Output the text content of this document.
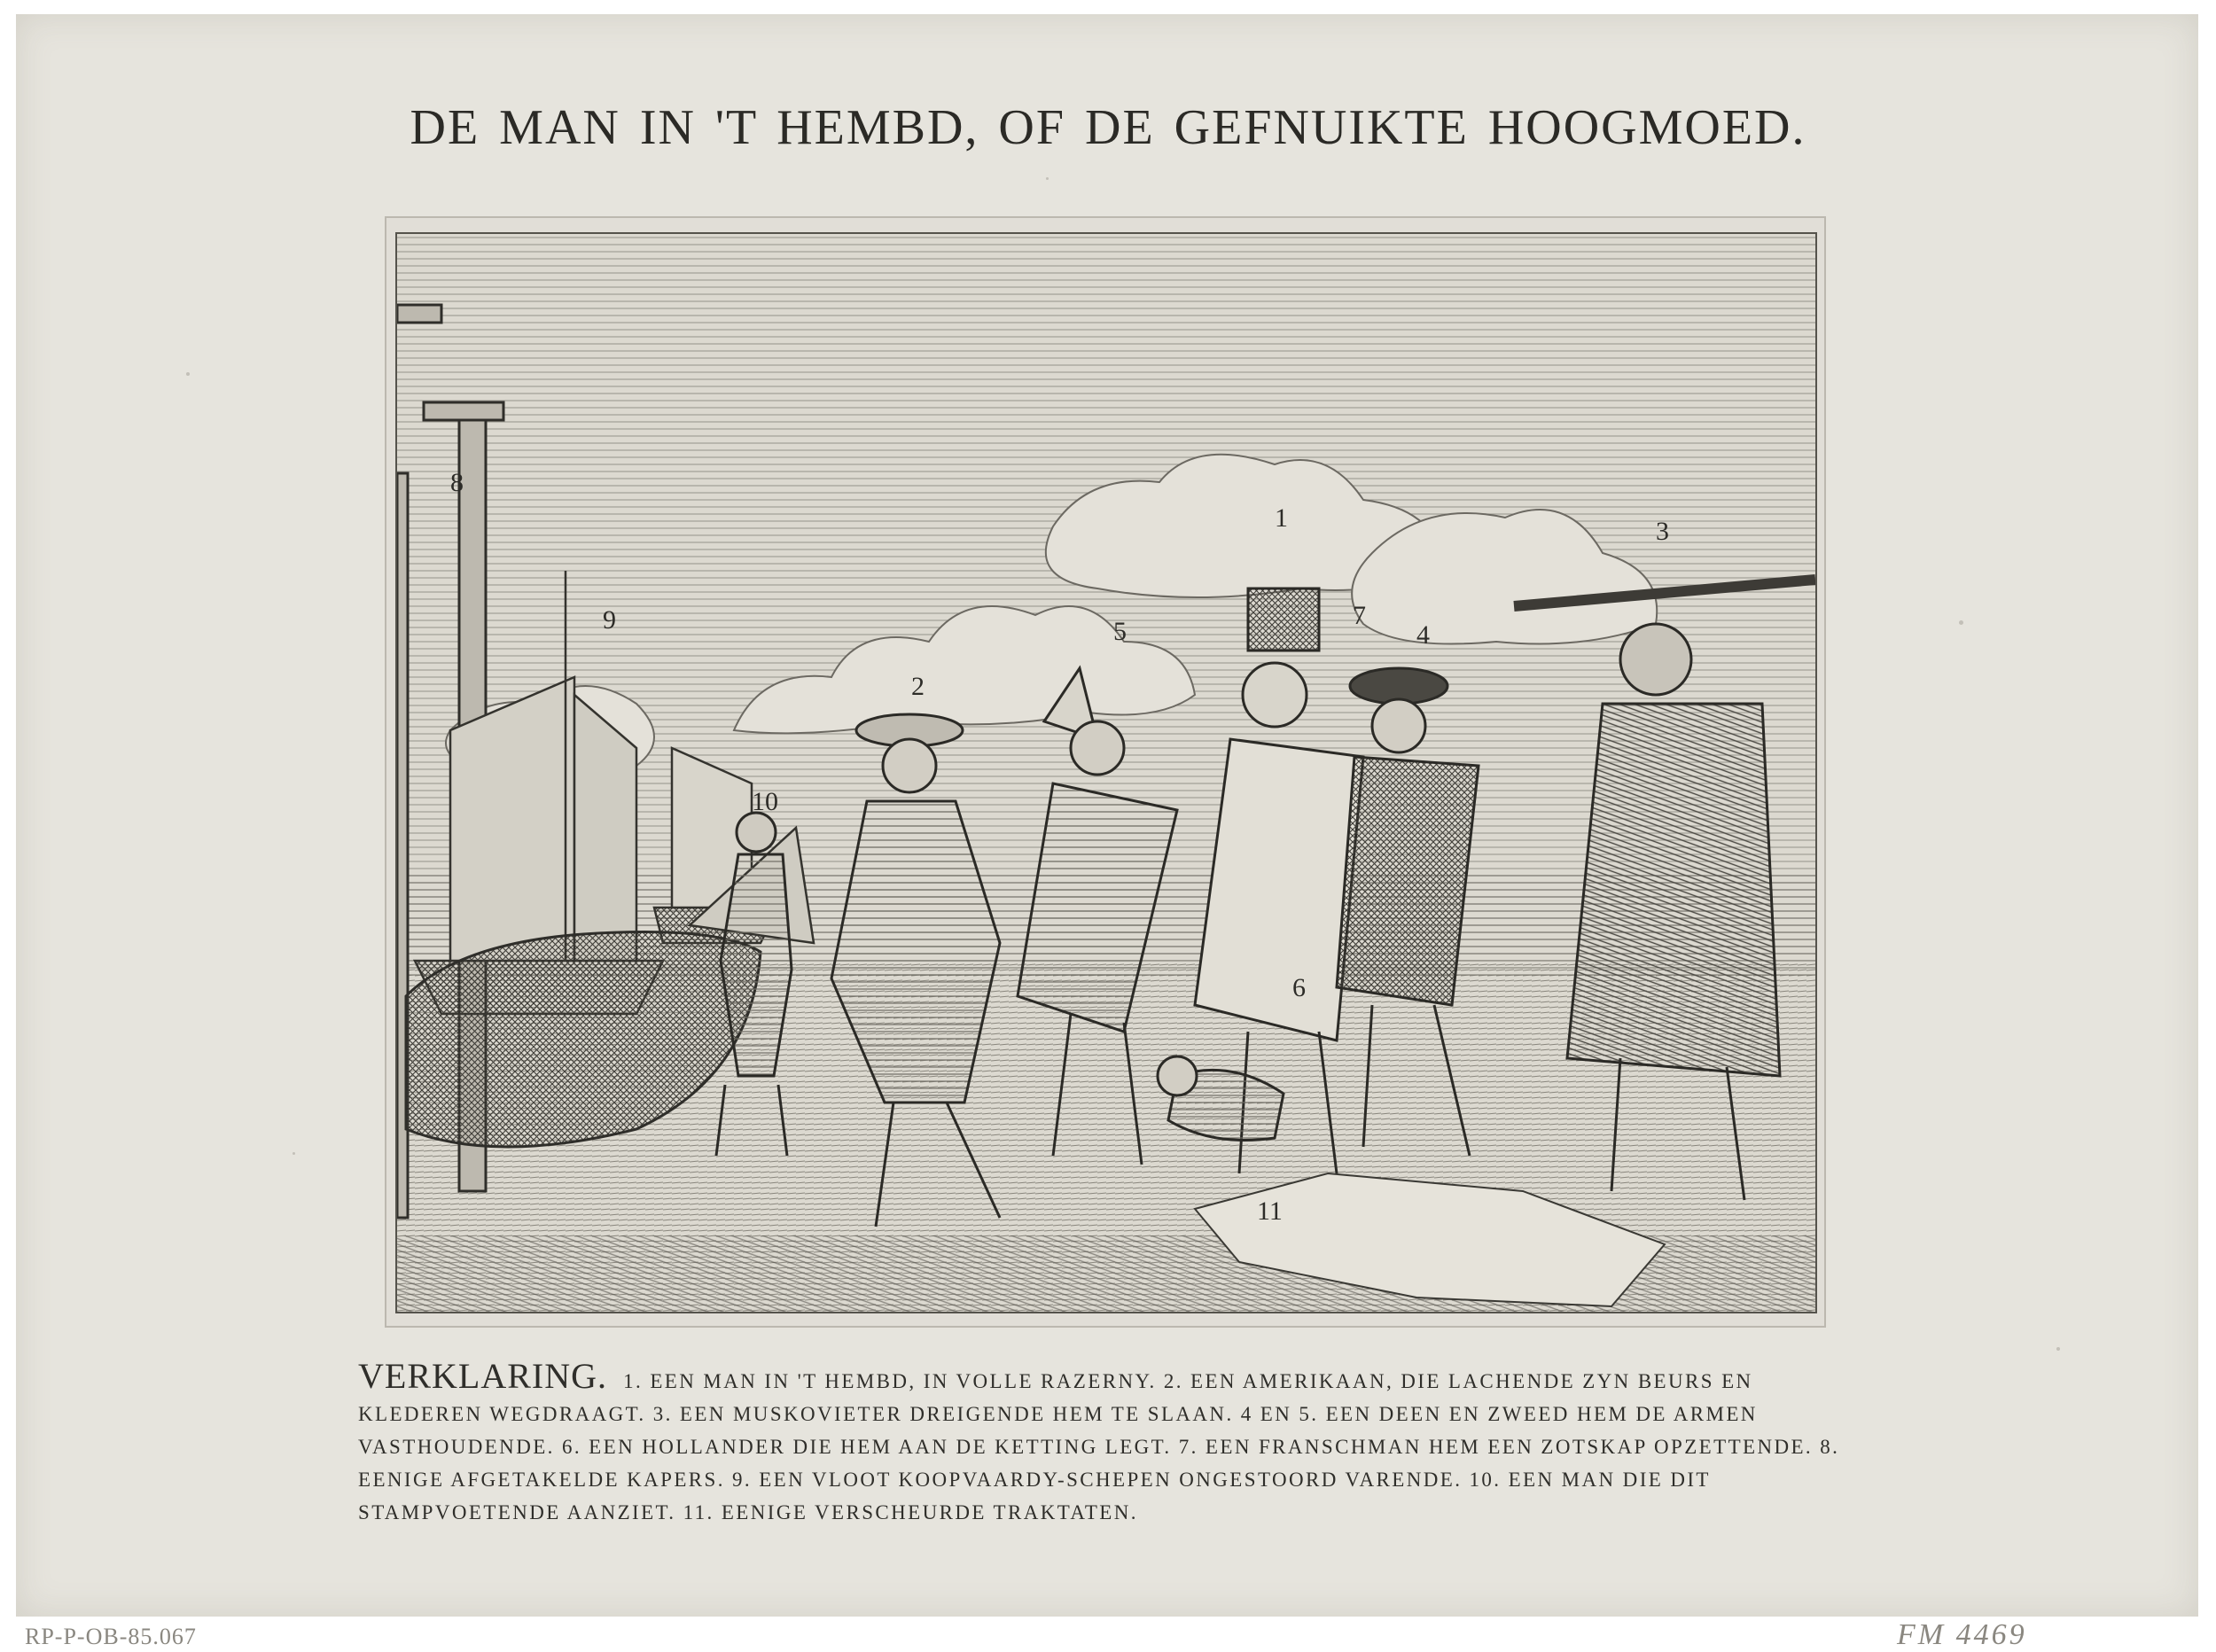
DE MAN IN 'T HEMBD, OF DE GEFNUIKTE HOOGMOED.
8
9
10
2
5
1
7
4
3
6
11
VERKLARING. 1. EEN MAN IN 'T HEMBD, IN VOLLE RAZERNY. 2. EEN AMERIKAAN, DIE LACHENDE ZYN BEURS EN KLEDEREN WEGDRAAGT. 3. EEN MUSKOVIETER DREIGENDE HEM TE SLAAN. 4 EN 5. EEN DEEN EN ZWEED HEM DE ARMEN VASTHOUDENDE. 6. EEN HOLLANDER DIE HEM AAN DE KETTING LEGT. 7. EEN FRANSCHMAN HEM EEN ZOTSKAP OPZETTENDE. 8. EENIGE AFGETAKELDE KAPERS. 9. EEN VLOOT KOOPVAARDY-SCHEPEN ONGESTOORD VARENDE. 10. EEN MAN DIE DIT STAMPVOETENDE AANZIET. 11. EENIGE VERSCHEURDE TRAKTATEN.
RP-P-OB-85.067	FM 4469
